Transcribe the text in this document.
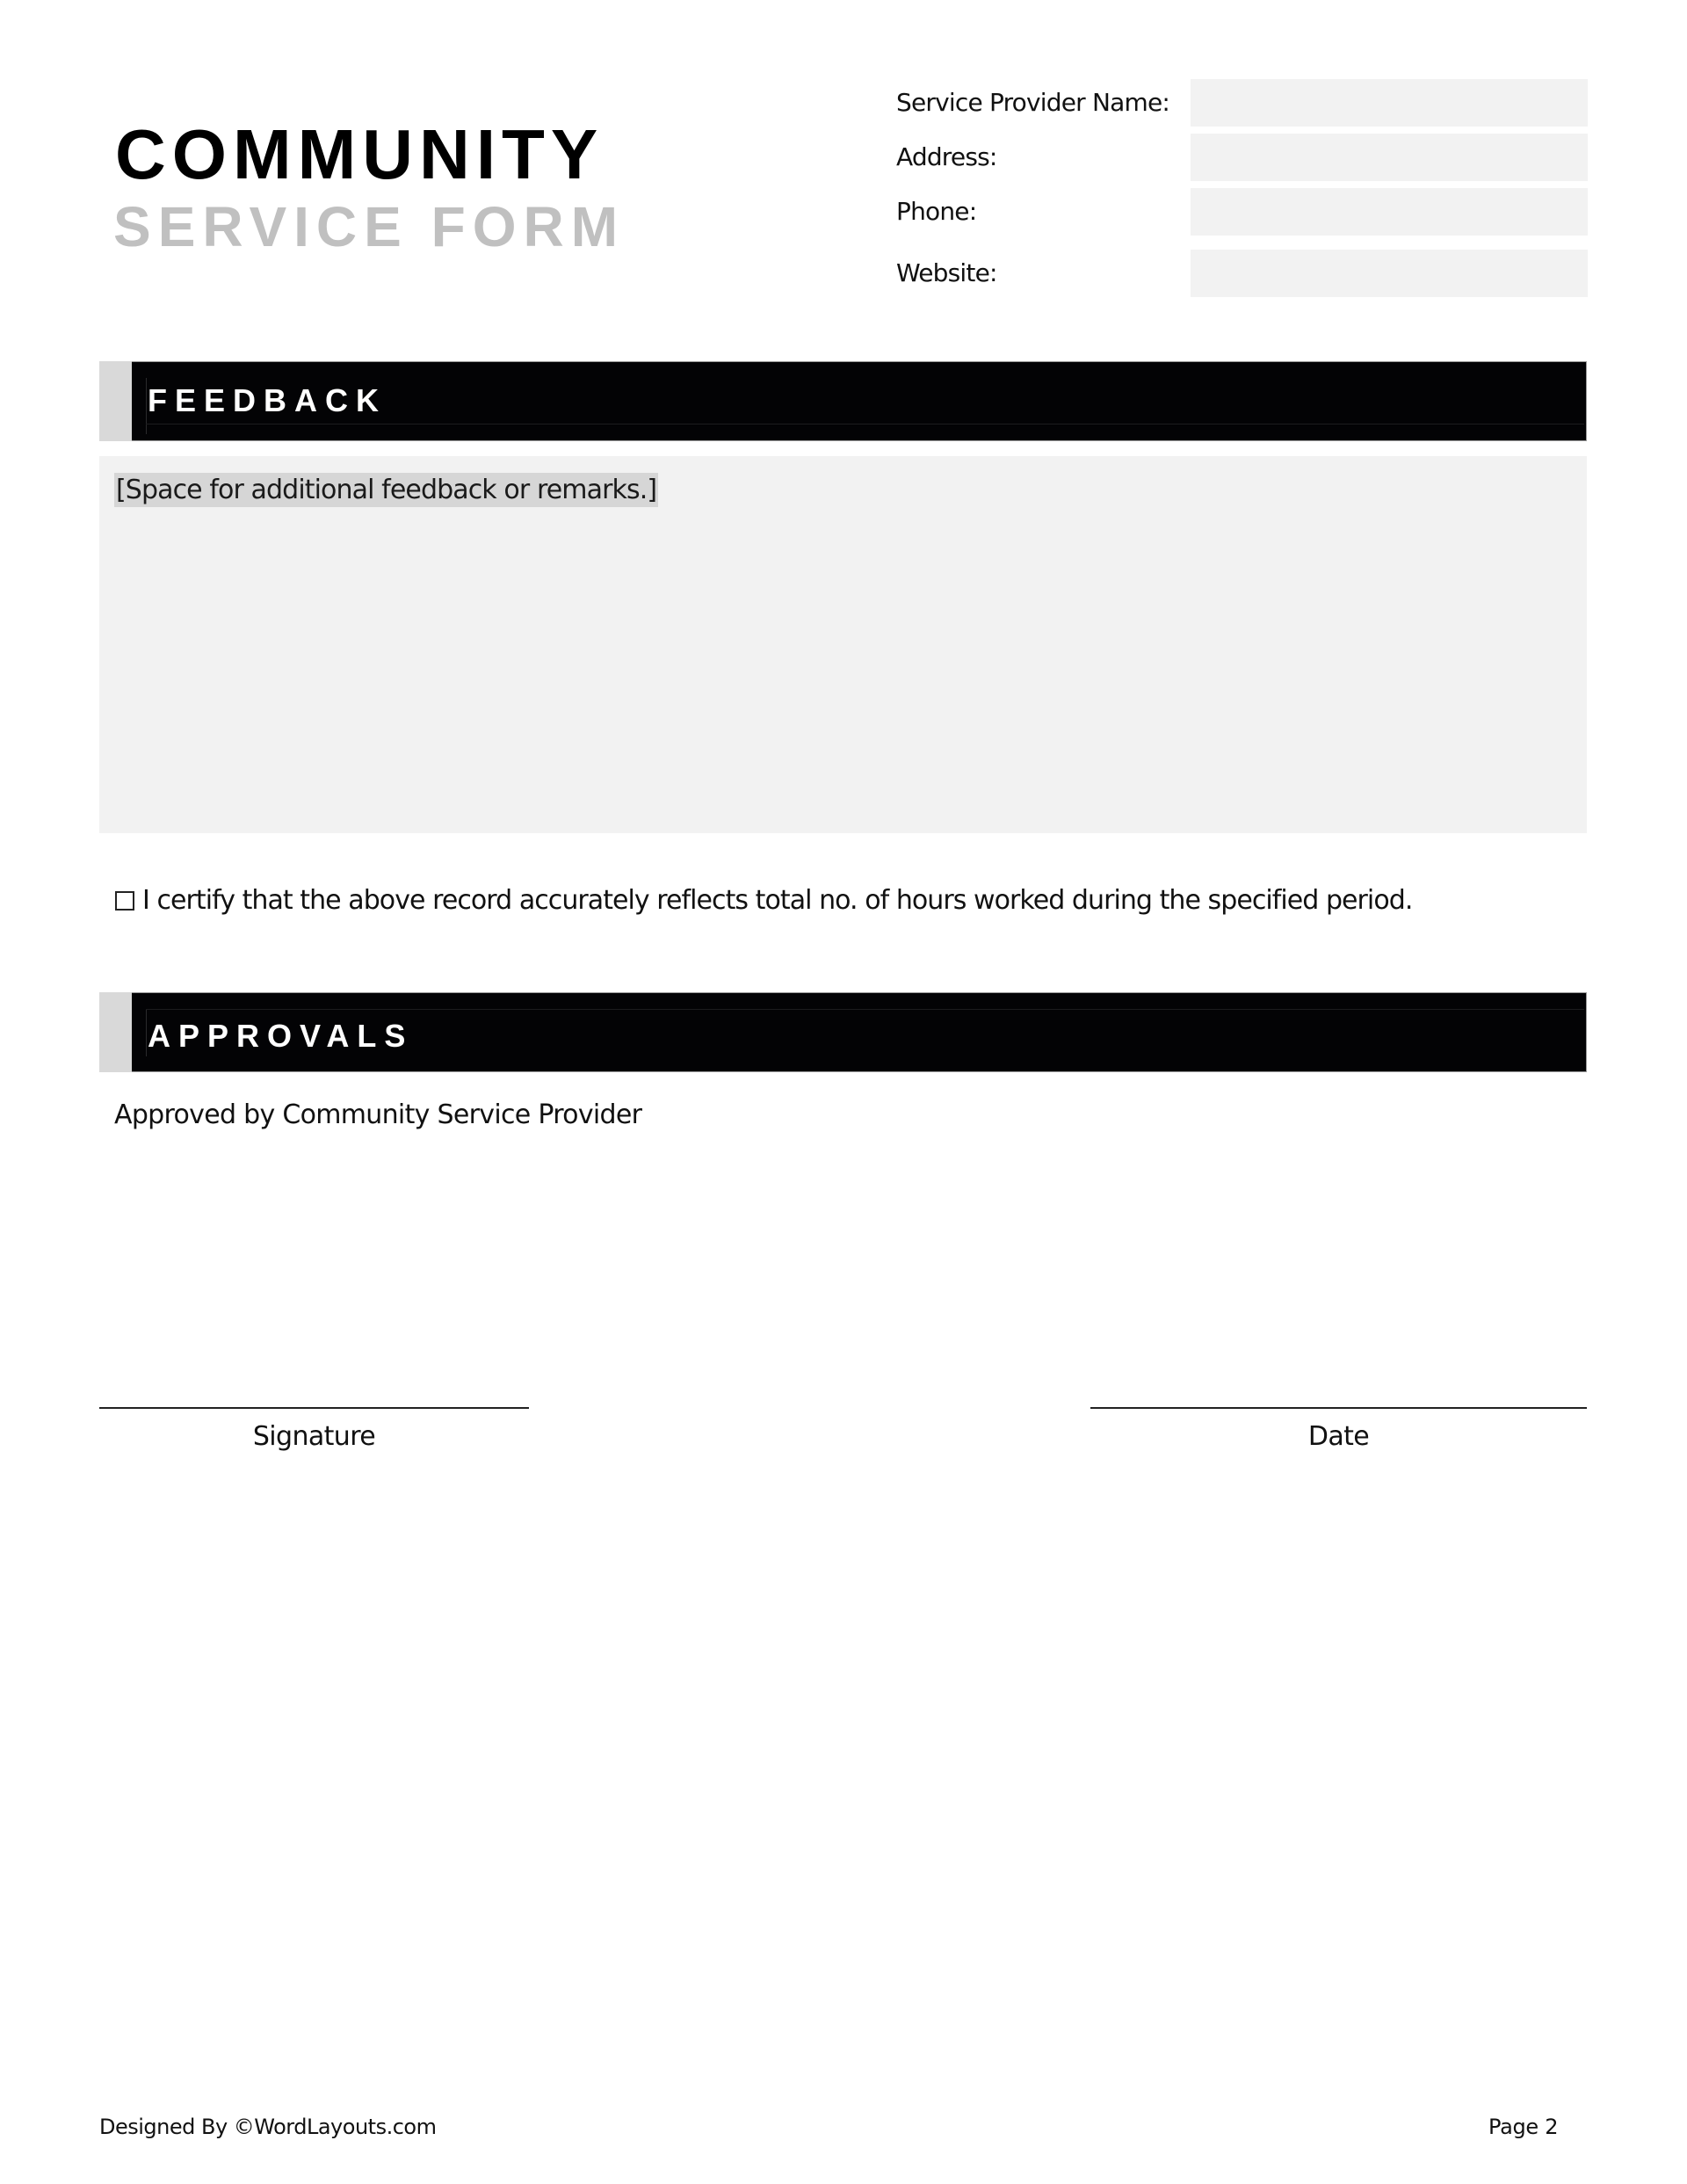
COMMUNITY
SERVICE FORM
Service Provider Name:
Address:
Phone:
Website:
FEEDBACK
[Space for additional feedback or remarks.]
I certify that the above record accurately reflects total no. of hours worked during the specified period.
APPROVALS
Approved by Community Service Provider
Signature	Date
Designed By ©WordLayouts.com	Page 2
